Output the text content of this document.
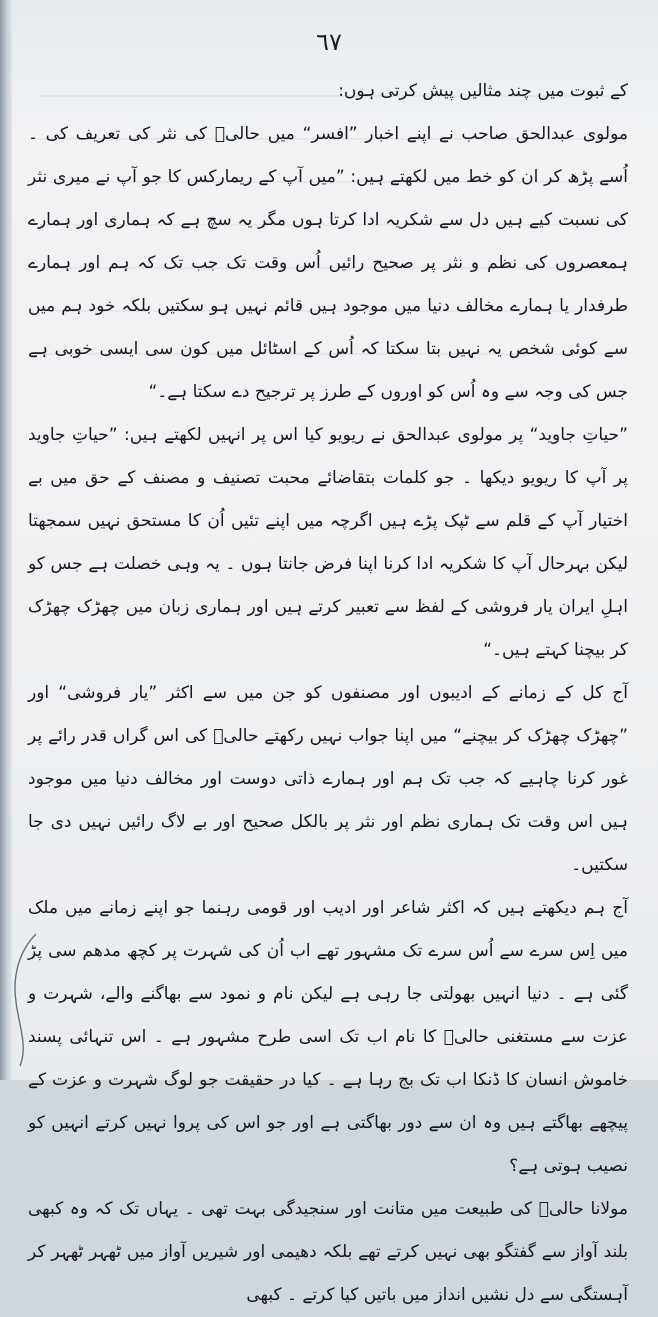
٦٧

کے ثبوت میں چند مثالیں پیش کرتی ہوں:

مولوی عبدالحق صاحب نے اپنے اخبار ”افسر“ میں حالیؔ کی نثر کی تعریف کی ۔ اُسے پڑھ کر ان کو خط میں لکھتے ہیں: ”میں آپ کے ریمارکس کا جو آپ نے میری نثر کی نسبت کیے ہیں دل سے شکریہ ادا کرتا ہوں مگر یہ سچ ہے کہ ہماری اور ہمارے ہمعصروں کی نظم و نثر پر صحیح رائیں اُس وقت تک جب تک کہ ہم اور ہمارے طرفدار یا ہمارے مخالف دنیا میں موجود ہیں قائم نہیں ہو سکتیں بلکہ خود ہم میں سے کوئی شخص یہ نہیں بتا سکتا کہ اُس کے اسٹائل میں کون سی ایسی خوبی ہے جس کی وجہ سے وہ اُس کو اوروں کے طرز پر ترجیح دے سکتا ہے۔“

”حیاتِ جاوید“ پر مولوی عبدالحق نے ریویو کیا اس پر انہیں لکھتے ہیں: ”حیاتِ جاوید پر آپ کا ریویو دیکھا ۔ جو کلمات بتقاضائے محبت تصنیف و مصنف کے حق میں بے اختیار آپ کے قلم سے ٹپک پڑے ہیں اگرچہ میں اپنے تئیں اُن کا مستحق نہیں سمجھتا لیکن بہرحال آپ کا شکریہ ادا کرنا اپنا فرض جانتا ہوں ۔ یہ وہی خصلت ہے جس کو اہلِ ایران یار فروشی کے لفظ سے تعبیر کرتے ہیں اور ہماری زبان میں چھڑک چھڑک کر بیچنا کہتے ہیں۔“

آج کل کے زمانے کے ادیبوں اور مصنفوں کو جن میں سے اکثر ”یار فروشی“ اور ”چھڑک چھڑک کر بیچنے“ میں اپنا جواب نہیں رکھتے حالیؔ کی اس گراں قدر رائے پر غور کرنا چاہیے کہ جب تک ہم اور ہمارے ذاتی دوست اور مخالف دنیا میں موجود ہیں اس وقت تک ہماری نظم اور نثر پر بالکل صحیح اور بے لاگ رائیں نہیں دی جا سکتیں۔

آج ہم دیکھتے ہیں کہ اکثر شاعر اور ادیب اور قومی رہنما جو اپنے زمانے میں ملک میں اِس سرے سے اُس سرے تک مشہور تھے اب اُن کی شہرت پر کچھ مدھم سی پڑ گئی ہے ۔ دنیا انہیں بھولتی جا رہی ہے لیکن نام و نمود سے بھاگنے والے، شہرت و عزت سے مستغنی حالیؔ کا نام اب تک اسی طرح مشہور ہے ۔ اس تنہائی پسند خاموش انسان کا ڈنکا اب تک بج رہا ہے ۔ کیا در حقیقت جو لوگ شہرت و عزت کے پیچھے بھاگتے ہیں وہ ان سے دور بھاگتی ہے اور جو اس کی پروا نہیں کرتے انہیں کو نصیب ہوتی ہے؟

مولانا حالیؔ کی طبیعت میں متانت اور سنجیدگی بہت تھی ۔ یہاں تک کہ وہ کبھی بلند آواز سے گفتگو بھی نہیں کرتے تھے بلکہ دھیمی اور شیریں آواز میں ٹھہر ٹھہر کر آہستگی سے دل نشیں انداز میں باتیں کیا کرتے ۔ کبھی
